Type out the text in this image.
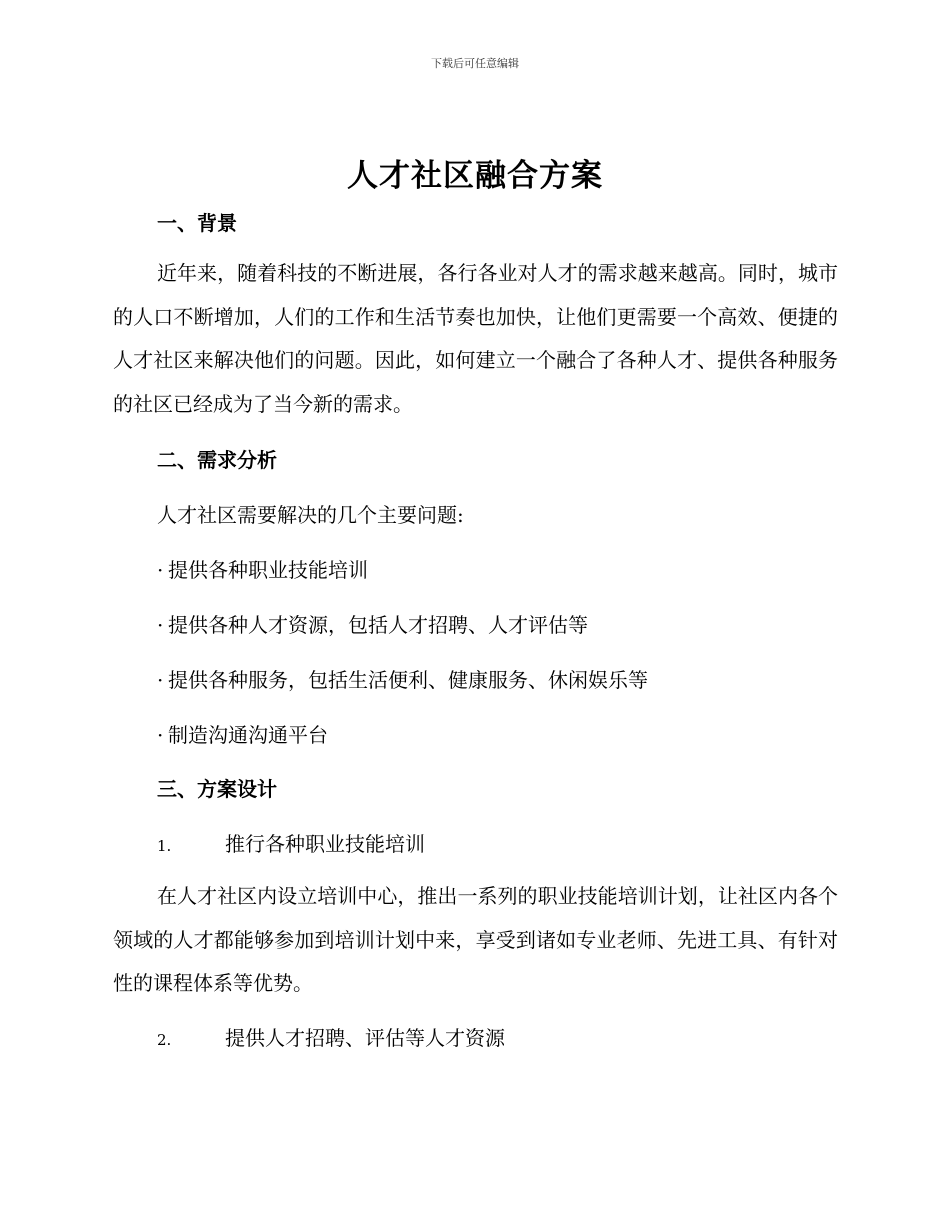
下载后可任意编辑
人才社区融合方案
一、背景
近年来，随着科技的不断进展，各行各业对人才的需求越来越高。同时，城市的人口不断增加，人们的工作和生活节奏也加快，让他们更需要一个高效、便捷的人才社区来解决他们的问题。因此，如何建立一个融合了各种人才、提供各种服务的社区已经成为了当今新的需求。
二、需求分析
人才社区需要解决的几个主要问题:
· 提供各种职业技能培训
· 提供各种人才资源，包括人才招聘、人才评估等
· 提供各种服务，包括生活便利、健康服务、休闲娱乐等
· 制造沟通沟通平台
三、方案设计
1.	推行各种职业技能培训
在人才社区内设立培训中心，推出一系列的职业技能培训计划，让社区内各个领域的人才都能够参加到培训计划中来，享受到诸如专业老师、先进工具、有针对性的课程体系等优势。
2.	提供人才招聘、评估等人才资源
